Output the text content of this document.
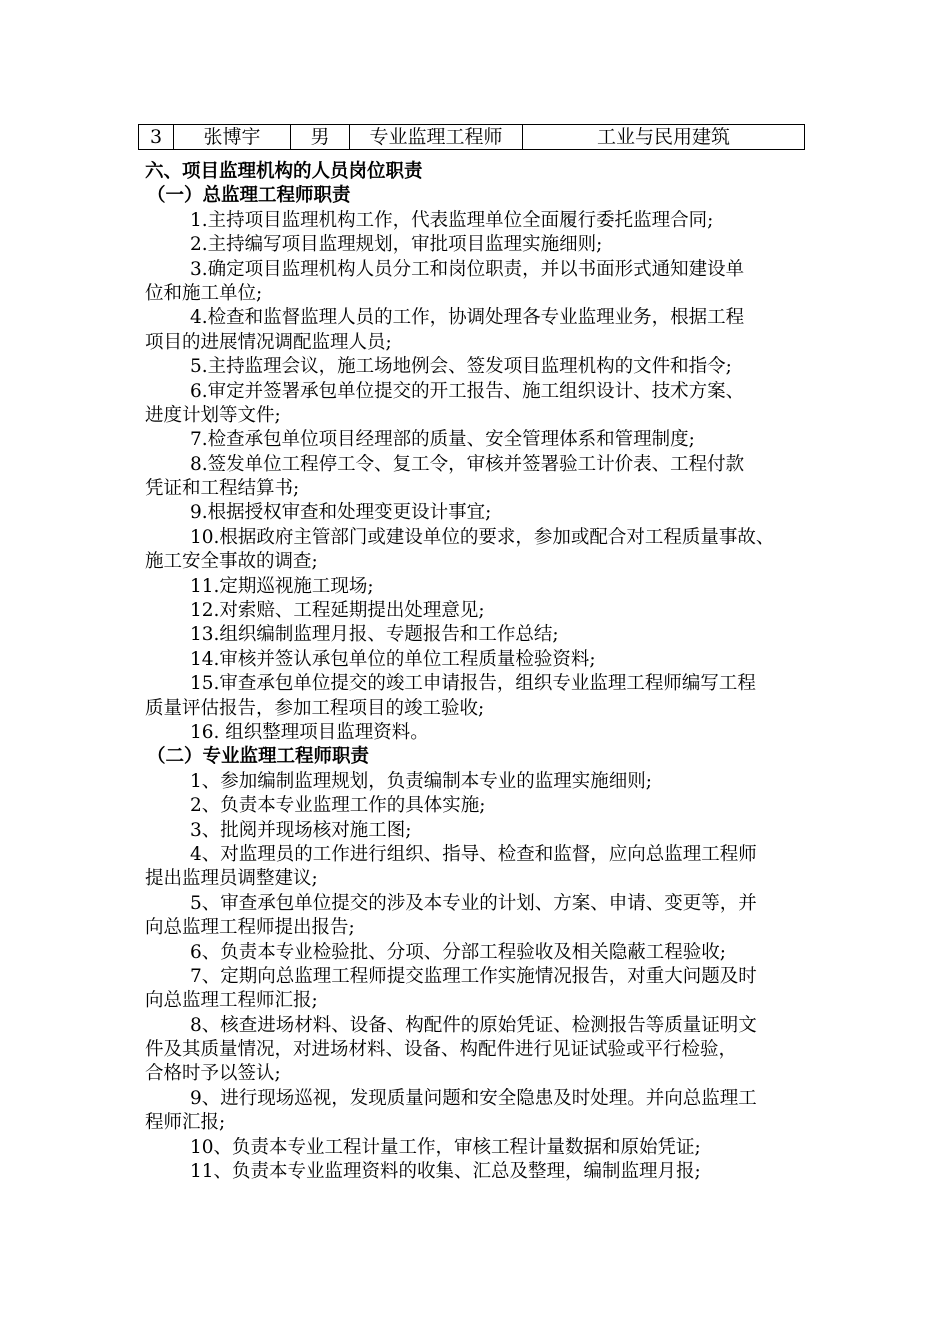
3	张博宇	男	专业监理工程师	工业与民用建筑
六、项目监理机构的人员岗位职责
（一）总监理工程师职责
1.主持项目监理机构工作，代表监理单位全面履行委托监理合同;
2.主持编写项目监理规划，审批项目监理实施细则;
3.确定项目监理机构人员分工和岗位职责，并以书面形式通知建设单
位和施工单位;
4.检查和监督监理人员的工作，协调处理各专业监理业务，根据工程
项目的进展情况调配监理人员;
5.主持监理会议，施工场地例会、签发项目监理机构的文件和指令;
6.审定并签署承包单位提交的开工报告、施工组织设计、技术方案、
进度计划等文件;
7.检查承包单位项目经理部的质量、安全管理体系和管理制度;
8.签发单位工程停工令、复工令，审核并签署验工计价表、工程付款
凭证和工程结算书;
9.根据授权审查和处理变更设计事宜;
10.根据政府主管部门或建设单位的要求，参加或配合对工程质量事故、
施工安全事故的调查;
11.定期巡视施工现场;
12.对索赔、工程延期提出处理意见;
13.组织编制监理月报、专题报告和工作总结;
14.审核并签认承包单位的单位工程质量检验资料;
15.审查承包单位提交的竣工申请报告，组织专业监理工程师编写工程
质量评估报告，参加工程项目的竣工验收;
16. 组织整理项目监理资料。
（二）专业监理工程师职责
1、参加编制监理规划，负责编制本专业的监理实施细则;
2、负责本专业监理工作的具体实施;
3、批阅并现场核对施工图;
4、对监理员的工作进行组织、指导、检查和监督，应向总监理工程师
提出监理员调整建议;
5、审查承包单位提交的涉及本专业的计划、方案、申请、变更等，并
向总监理工程师提出报告;
6、负责本专业检验批、分项、分部工程验收及相关隐蔽工程验收;
7、定期向总监理工程师提交监理工作实施情况报告，对重大问题及时
向总监理工程师汇报;
8、核查进场材料、设备、构配件的原始凭证、检测报告等质量证明文
件及其质量情况，对进场材料、设备、构配件进行见证试验或平行检验，
合格时予以签认;
9、进行现场巡视，发现质量问题和安全隐患及时处理。并向总监理工
程师汇报;
10、负责本专业工程计量工作，审核工程计量数据和原始凭证;
11、负责本专业监理资料的收集、汇总及整理，编制监理月报;
